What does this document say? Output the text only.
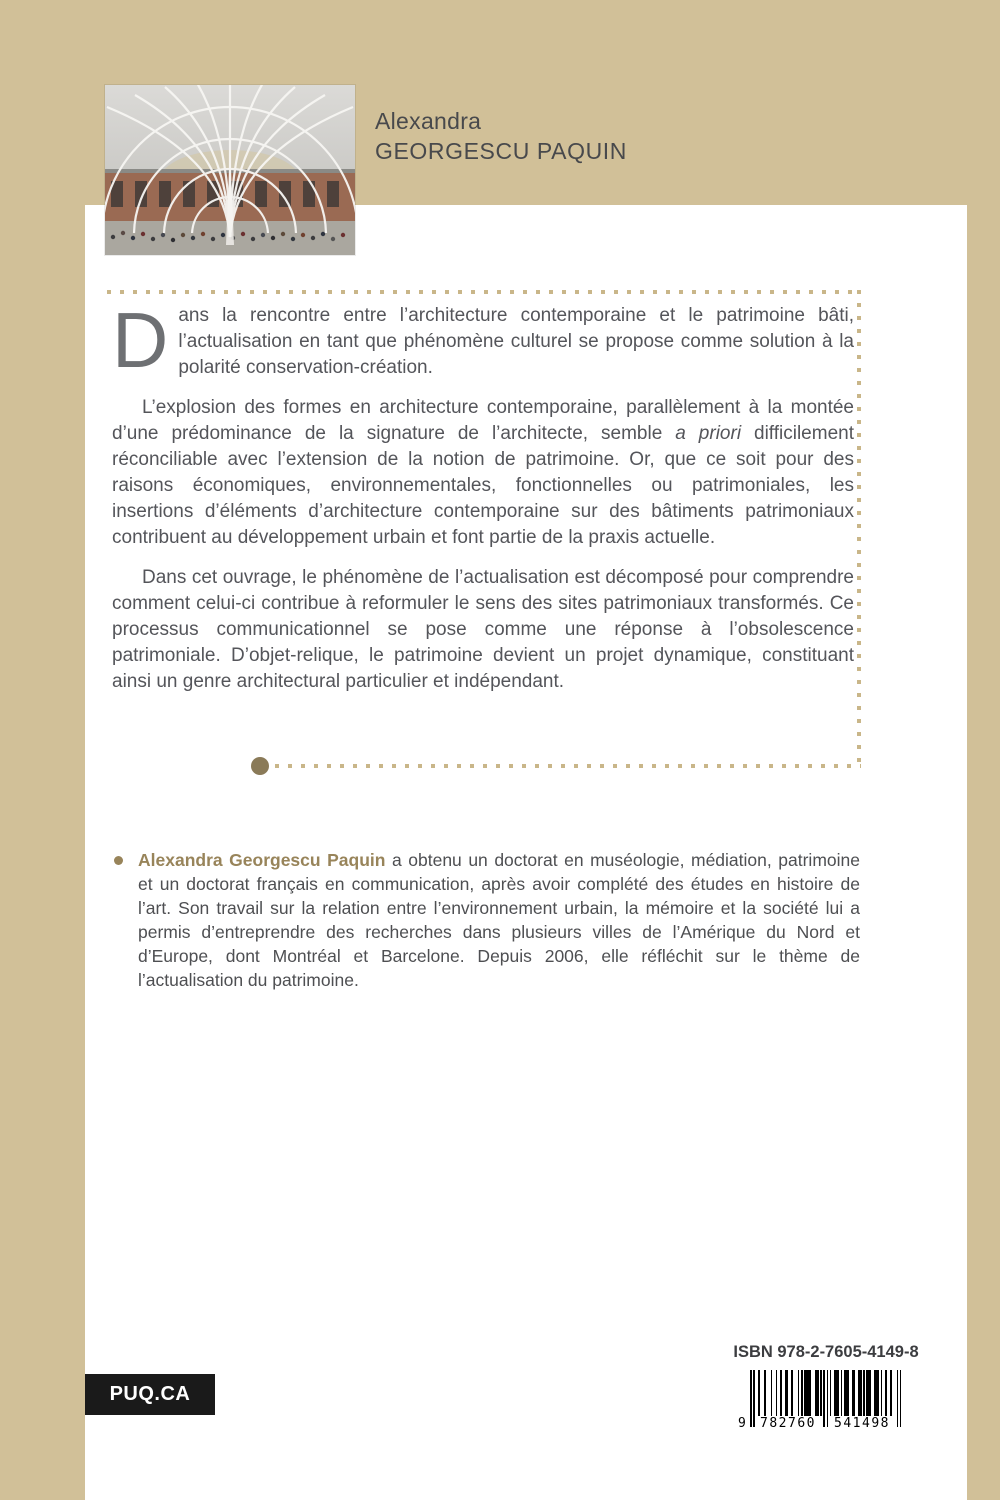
Alexandra
GEORGESCU PAQUIN

Dans la rencontre entre l’architecture contemporaine et le patrimoine bâti, l’actualisation en tant que phénomène culturel se propose comme solution à la polarité conservation-création.

L’explosion des formes en architecture contemporaine, parallèlement à la montée d’une prédominance de la signature de l’architecte, semble a priori difficilement réconciliable avec l’extension de la notion de patrimoine. Or, que ce soit pour des raisons économiques, environnementales, fonctionnelles ou patrimoniales, les insertions d’éléments d’architecture contemporaine sur des bâtiments patrimoniaux contribuent au développement urbain et font partie de la praxis actuelle.

Dans cet ouvrage, le phénomène de l’actualisation est décomposé pour comprendre comment celui-ci contribue à reformuler le sens des sites patrimoniaux transformés. Ce processus communicationnel se pose comme une réponse à l’obsolescence patrimoniale. D’objet-relique, le patrimoine devient un projet dynamique, constituant ainsi un genre architectural particulier et indépendant.

Alexandra Georgescu Paquin a obtenu un doctorat en muséologie, médiation, patrimoine et un doctorat français en communication, après avoir complété des études en histoire de l’art. Son travail sur la relation entre l’environnement urbain, la mémoire et la société lui a permis d’entreprendre des recherches dans plusieurs villes de l’Amérique du Nord et d’Europe, dont Montréal et Barcelone. Depuis 2006, elle réfléchit sur le thème de l’actualisation du patrimoine.
ISBN 978-2-7605-4149-8
9	782760	541498
PUQ.CA
